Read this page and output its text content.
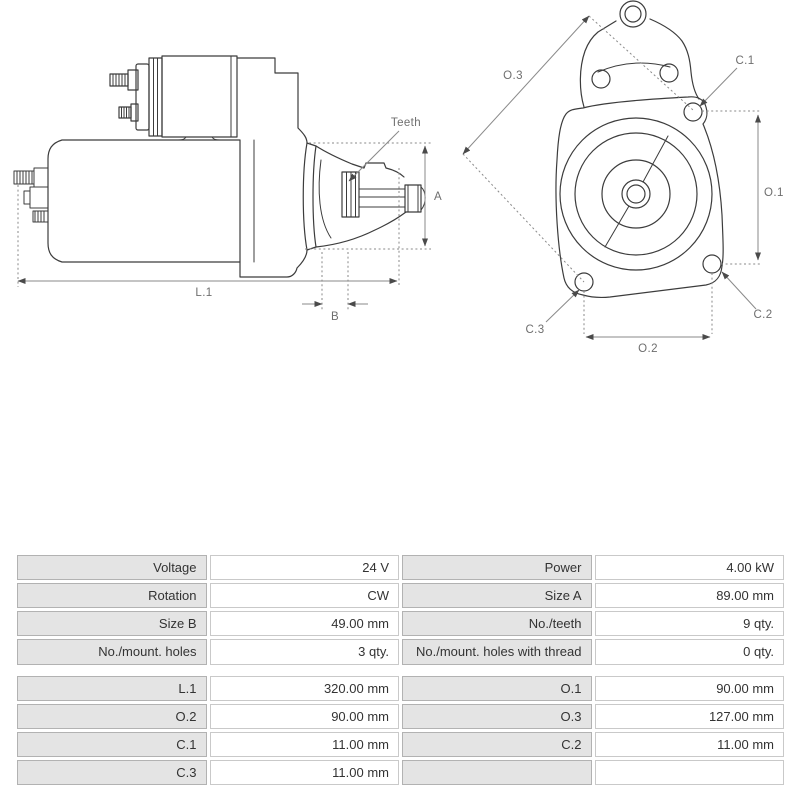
Teeth
A
L.1
B
O.3
C.1
O.1
O.2
C.2
C.3
Voltage	24 V	Power	4.00 kW
Rotation	CW	Size A	89.00 mm
Size B	49.00 mm	No./teeth	9 qty.
No./mount. holes	3 qty.	No./mount. holes with thread	0 qty.
L.1	320.00 mm	O.1	90.00 mm
O.2	90.00 mm	O.3	127.00 mm
C.1	11.00 mm	C.2	11.00 mm
C.3	11.00 mm		
